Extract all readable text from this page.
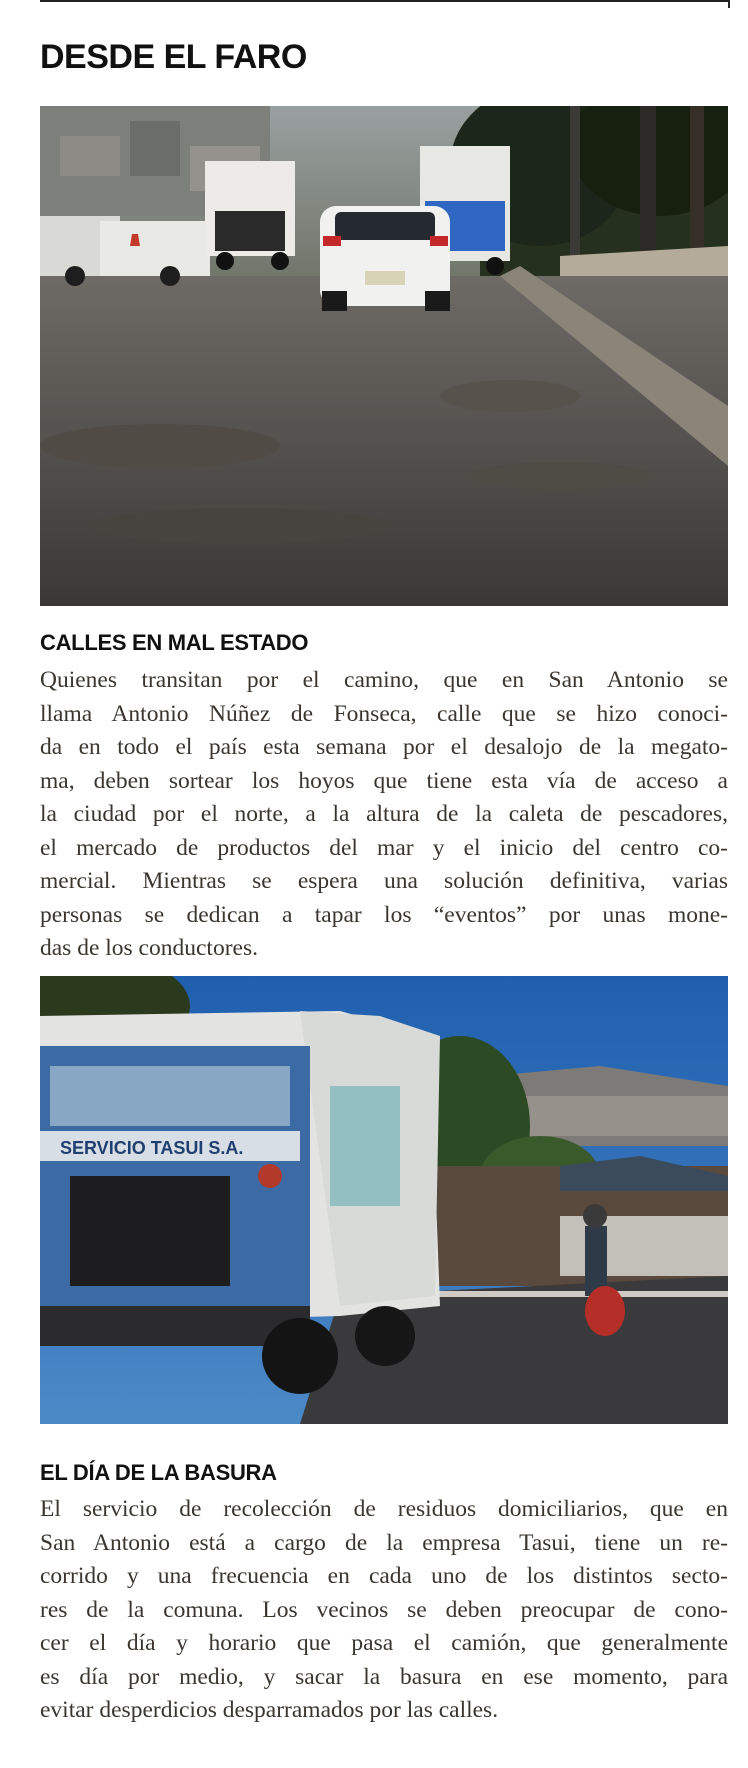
DESDE EL FARO
CALLES EN MAL ESTADO

Quienes transitan por el camino, que en San Antonio se
llama Antonio Núñez de Fonseca, calle que se hizo conoci-
da en todo el país esta semana por el desalojo de la megato-
ma, deben sortear los hoyos que tiene esta vía de acceso a
la ciudad por el norte, a la altura de la caleta de pescadores,
el mercado de productos del mar y el inicio del centro co-
mercial. Mientras se espera una solución definitiva, varias
personas se dedican a tapar los “eventos” por unas mone-
das de los conductores.

SERVICIO TASUI S.A.
EL DÍA DE LA BASURA

El servicio de recolección de residuos domiciliarios, que en
San Antonio está a cargo de la empresa Tasui, tiene un re-
corrido y una frecuencia en cada uno de los distintos secto-
res de la comuna. Los vecinos se deben preocupar de cono-
cer el día y horario que pasa el camión, que generalmente
es día por medio, y sacar la basura en ese momento, para
evitar desperdicios desparramados por las calles.
